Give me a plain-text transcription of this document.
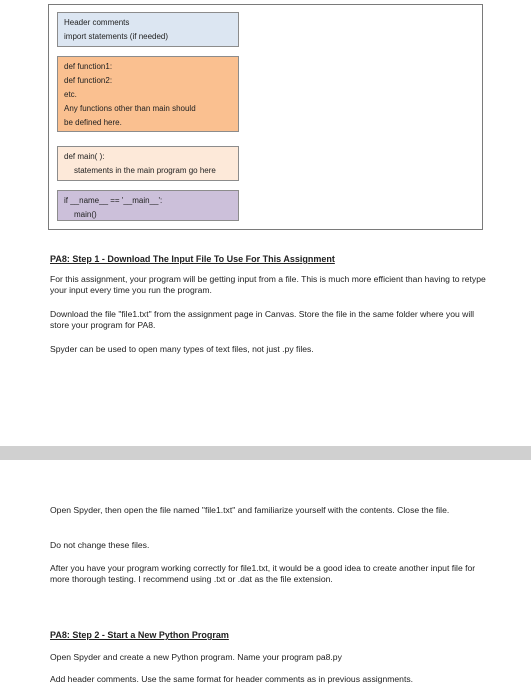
Header comments
import statements (if needed)
def function1:
def function2:
etc.
Any functions other than main should
be defined here.
def main( ):
statements in the main program go here
if __name__ == '__main__':
main()
PA8: Step 1 - Download The Input File To Use For This Assignment
For this assignment, your program will be getting input from a file. This is much more efficient than having to retype your input every time you run the program.
Download the file "file1.txt" from the assignment page in Canvas. Store the file in the same folder where you will store your program for PA8.
Spyder can be used to open many types of text files, not just .py files.
Open Spyder, then open the file named "file1.txt" and familiarize yourself with the contents. Close the file.
Do not change these files.
After you have your program working correctly for file1.txt, it would be a good idea to create another input file for more thorough testing. I recommend using .txt or .dat as the file extension.
PA8: Step 2 - Start a New Python Program
Open Spyder and create a new Python program. Name your program pa8.py
Add header comments. Use the same format for header comments as in previous assignments.
